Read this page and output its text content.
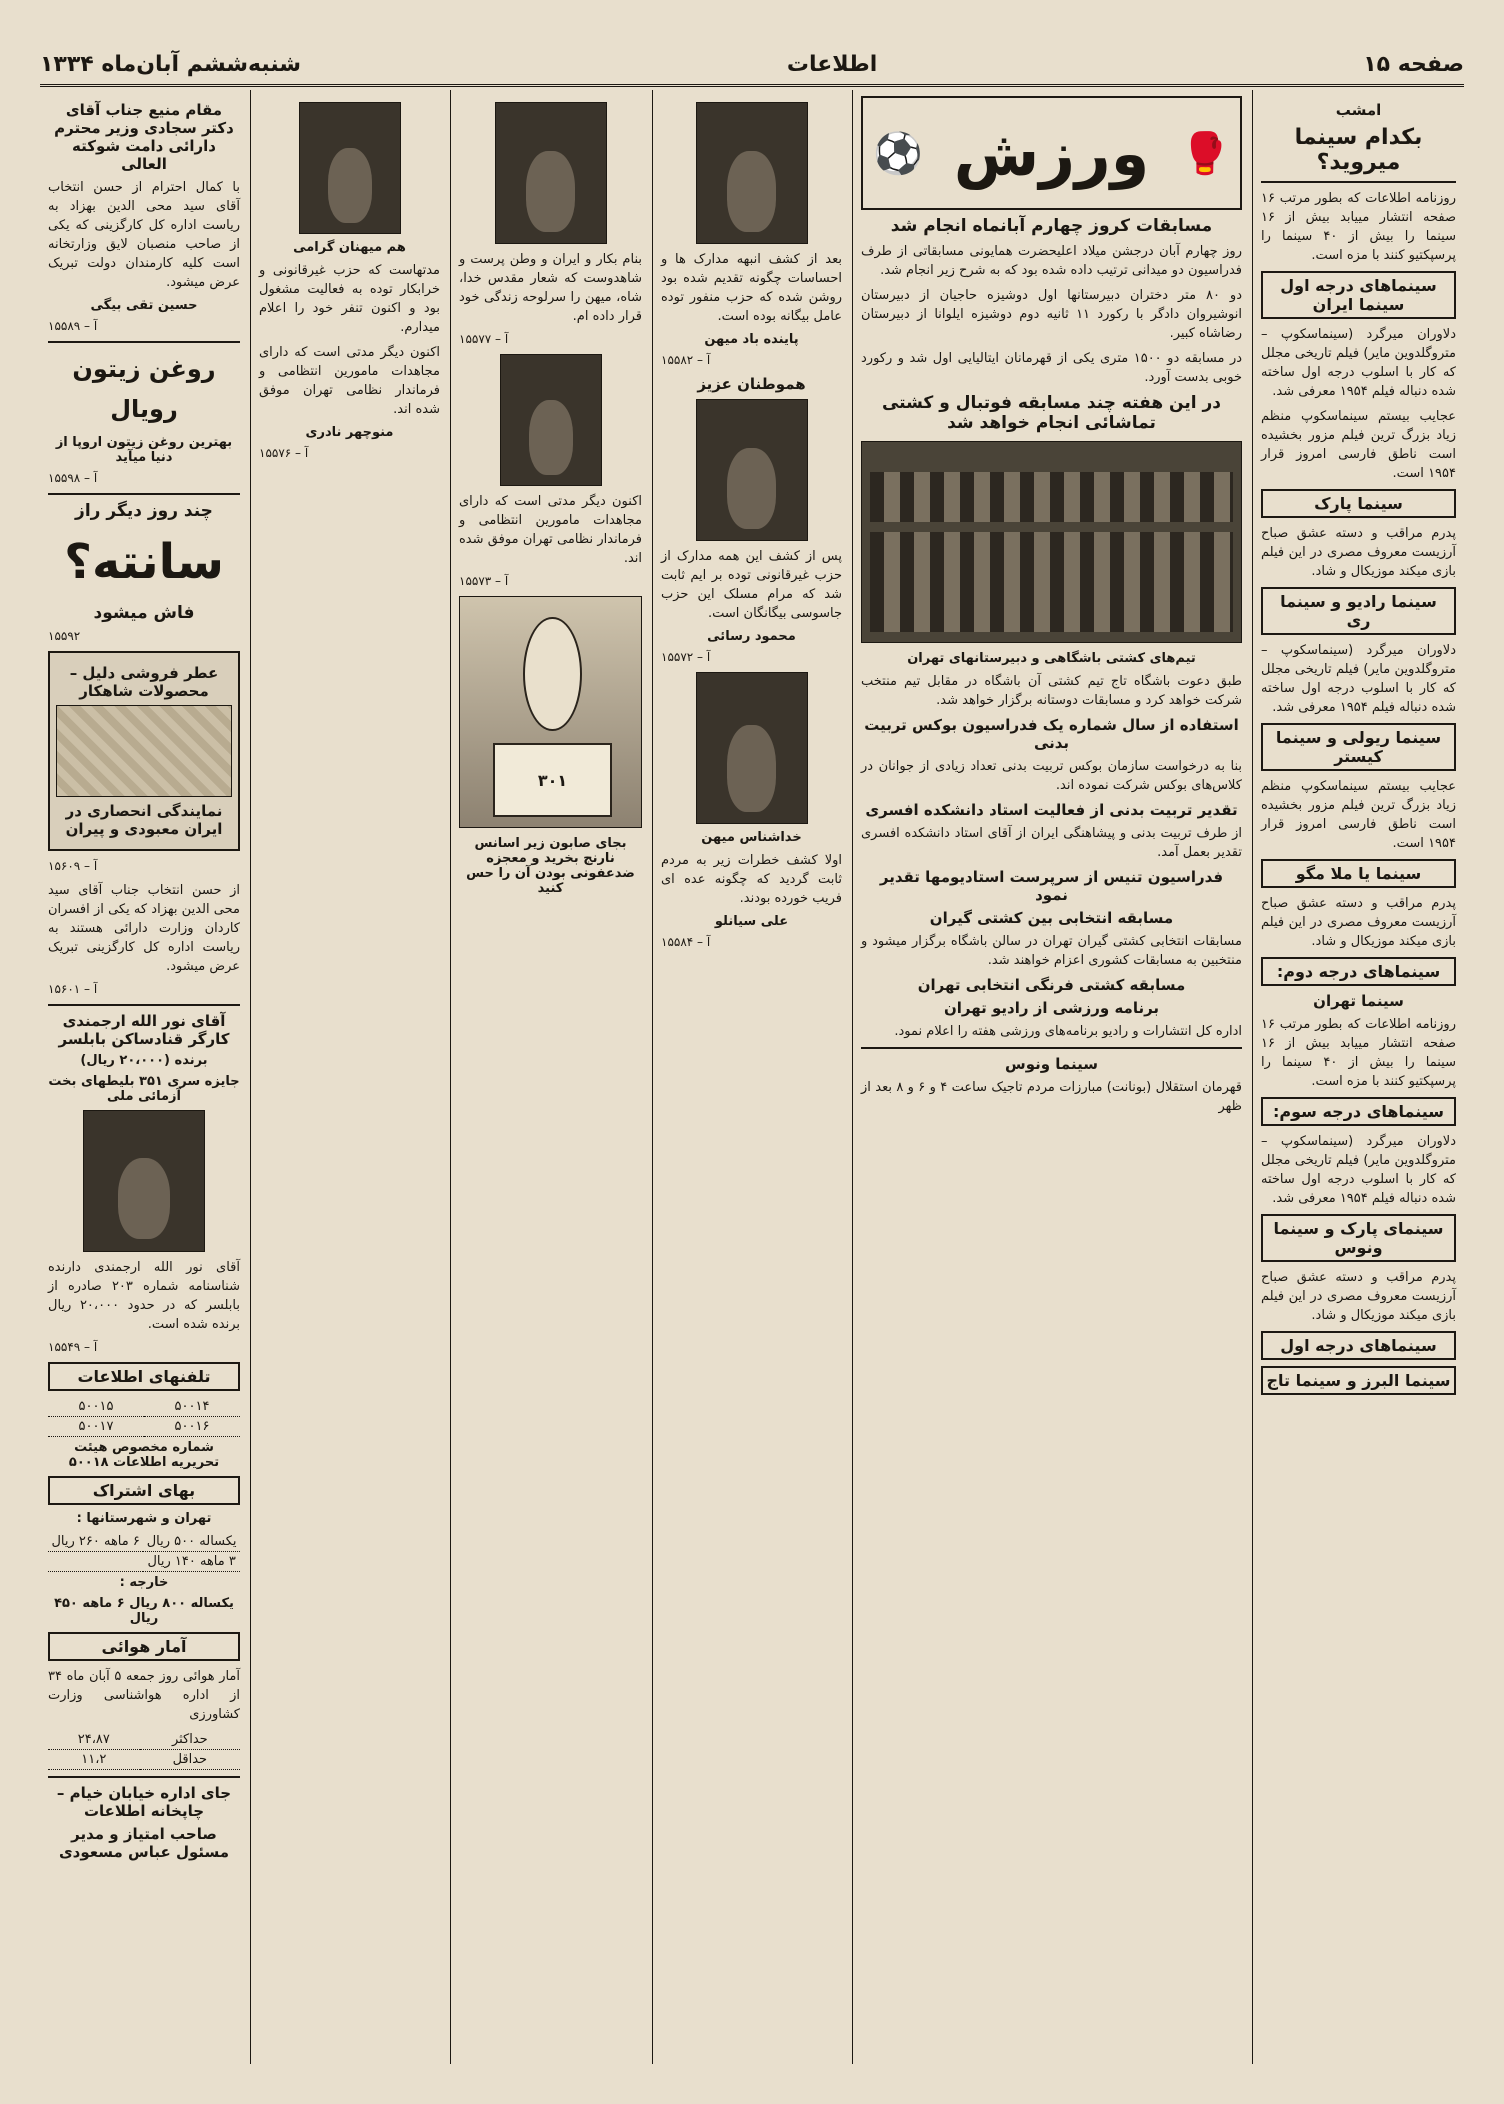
صفحه ۱۵
اطلاعات
شنبه‌ششم آبان‌ماه ۱۳۳۴
امشب
بکدام سینما میروید؟

روزنامه اطلاعات که بطور مرتب ۱۶ صفحه انتشار مییابد بیش از ۱۶ سینما را بیش از ۴۰ سینما را پرسپکتیو کنند با مزه است.

سینماهای درجه اول سینما ایران

دلاوران میرگرد (سینماسکوپ – متروگلدوین مایر) فیلم تاریخی مجلل که کار با اسلوب درجه اول ساخته شده دنباله فیلم ۱۹۵۴ معرفی شد.

عجایب بیستم سینماسکوپ منظم زیاد بزرگ ترین فیلم مزور بخشیده است ناطق فارسی امروز قرار ۱۹۵۴ است.

سینما پارک

پدرم مراقب و دسته عشق صباح آرزیست معروف مصری در این فیلم بازی میکند موزیکال و شاد.

سینما رادیو و سینما ری

دلاوران میرگرد (سینماسکوپ – متروگلدوین مایر) فیلم تاریخی مجلل که کار با اسلوب درجه اول ساخته شده دنباله فیلم ۱۹۵۴ معرفی شد.

سینما ریولی و سینما کیستر

عجایب بیستم سینماسکوپ منظم زیاد بزرگ ترین فیلم مزور بخشیده است ناطق فارسی امروز قرار ۱۹۵۴ است.

سینما یا ملا مگو

پدرم مراقب و دسته عشق صباح آرزیست معروف مصری در این فیلم بازی میکند موزیکال و شاد.

سینماهای درجه دوم:
سینما تهران

روزنامه اطلاعات که بطور مرتب ۱۶ صفحه انتشار مییابد بیش از ۱۶ سینما را بیش از ۴۰ سینما را پرسپکتیو کنند با مزه است.

سینماهای درجه سوم:

دلاوران میرگرد (سینماسکوپ – متروگلدوین مایر) فیلم تاریخی مجلل که کار با اسلوب درجه اول ساخته شده دنباله فیلم ۱۹۵۴ معرفی شد.

سینمای پارک و سینما ونوس

پدرم مراقب و دسته عشق صباح آرزیست معروف مصری در این فیلم بازی میکند موزیکال و شاد.

سینماهای درجه اول
سینما البرز و سینما تاج
🥊
ورزش
⚽
مسابقات کروز چهارم آبانماه انجام شد

روز چهارم آبان درجشن میلاد اعلیحضرت همایونی مسابقاتی از طرف فدراسیون دو میدانی ترتیب داده شده بود که به شرح زیر انجام شد.

دو ۸۰ متر دختران دبیرستانها اول دوشیزه حاجیان از دبیرستان انوشیروان دادگر با رکورد ۱۱ ثانیه دوم دوشیزه ایلوانا از دبیرستان رضاشاه کبیر.

در مسابقه دو ۱۵۰۰ متری یکی از قهرمانان ایتالیایی اول شد و رکورد خوبی بدست آورد.

در این هفته چند مسابقه فوتبال و کشتی تماشائی انجام خواهد شد
تیم‌های کشتی باشگاهی و دبیرستانهای تهران

طبق دعوت باشگاه تاج تیم کشتی آن باشگاه در مقابل تیم منتخب شرکت خواهد کرد و مسابقات دوستانه برگزار خواهد شد.

استفاده از سال شماره یک فدراسیون بوکس تربیت بدنی

بنا به درخواست سازمان بوکس تربیت بدنی تعداد زیادی از جوانان در کلاس‌های بوکس شرکت نموده اند.

تقدیر تربیت بدنی از فعالیت استاد دانشکده افسری

از طرف تربیت بدنی و پیشاهنگی ایران از آقای استاد دانشکده افسری تقدیر بعمل آمد.

فدراسیون تنیس از سرپرست استادیومها تقدیر نمود
مسابقه انتخابی بین کشتی گیران

مسابقات انتخابی کشتی گیران تهران در سالن باشگاه برگزار میشود و منتخبین به مسابقات کشوری اعزام خواهند شد.

مسابقه کشتی فرنگی انتخابی تهران
برنامه ورزشی از رادیو تهران

اداره کل انتشارات و رادیو برنامه‌های ورزشی هفته را اعلام نمود.

سینما ونوس

قهرمان استقلال (بونانت) مبارزات مردم تاجیک ساعت ۴ و ۶ و ۸ بعد از ظهر

بعد از کشف انبهه مدارک ها و احساسات چگونه تقدیم شده بود روشن شده که حزب منفور توده عامل بیگانه بوده است.

پاینده باد میهن
آ – ۱۵۵۸۲
هموطنان عزیز

پس از کشف این همه مدارک از حزب غیرقانونی توده بر ایم ثابت شد که مرام مسلک این حزب جاسوسی بیگانگان است.

محمود رسائی
آ – ۱۵۵۷۲
خداشناس میهن

اولا کشف خطرات زیر به مردم ثابت گردید که چگونه عده ای فریب خورده بودند.

علی سیانلو
آ – ۱۵۵۸۴

بنام بکار و ایران و وطن پرست و شاهدوست که شعار مقدس خدا، شاه، میهن را سرلوحه زندگی خود قرار داده ام.

آ – ۱۵۵۷۷

اکنون دیگر مدتی است که دارای مجاهدات مامورین انتظامی و فرماندار نظامی تهران موفق شده اند.

آ – ۱۵۵۷۳
۳۰۱
بجای صابون زیر اسانس نارنج بخرید و معجزه ضدعفونی بودن آن را حس کنید
هم میهنان گرامی

مدتهاست که حزب غیرقانونی و خرابکار توده به فعالیت مشغول بود و اکنون تنفر خود را اعلام میدارم.

اکنون دیگر مدتی است که دارای مجاهدات مامورین انتظامی و فرماندار نظامی تهران موفق شده اند.

منوچهر نادری
آ – ۱۵۵۷۶
مقام منیع جناب آقای دکتر سجادی وزیر محترم دارائی دامت شوکته العالی

با کمال احترام از حسن انتخاب آقای سید محی الدین بهزاد به ریاست اداره کل کارگزینی که یکی از صاحب منصبان لایق وزارتخانه است کلیه کارمندان دولت تبریک عرض میشود.

حسین تقی بیگی
آ – ۱۵۵۸۹
روغن زیتون رویال
بهترین روغن زیتون اروپا از دنیا میآید
آ – ۱۵۵۹۸
چند روز دیگر راز
سانته؟
فاش میشود
۱۵۵۹۲
عطر فروشی دلیل – محصولات شاهکار
نمایندگی انحصاری در ایران معبودی و پیران
آ – ۱۵۶۰۹

از حسن انتخاب جناب آقای سید محی الدین بهزاد که یکی از افسران کاردان وزارت دارائی هستند به ریاست اداره کل کارگزینی تبریک عرض میشود.

آ – ۱۵۶۰۱
آقای نور الله ارجمندی کارگر قنادساکن بابلسر
برنده (۲۰،۰۰۰ ریال)
جایزه سری ۳۵۱ بلیطهای بخت آزمائی ملی

آقای نور الله ارجمندی دارنده شناسنامه شماره ۲۰۳ صادره از بابلسر که در حدود ۲۰،۰۰۰ ریال برنده شده است.

آ – ۱۵۵۴۹
تلفنهای اطلاعات
۵۰۰۱۴	۵۰۰۱۵
۵۰۰۱۶	۵۰۰۱۷
شماره مخصوص هیئت تحریریه اطلاعات ۵۰۰۱۸
بهای اشتراک
تهران و شهرستانها :
یکساله ۵۰۰ ریال	۶ ماهه ۲۶۰ ریال
۳ ماهه ۱۴۰ ریال	
خارجه :
یکساله ۸۰۰ ریال ۶ ماهه ۴۵۰ ریال
آمار هوائی

آمار هوائی روز جمعه ۵ آبان ماه ۳۴ از اداره هواشناسی وزارت کشاورزی

حداکثر	۲۴،۸۷
حداقل	۱۱،۲
جای اداره خیابان خیام – چاپخانه اطلاعات
صاحب امتیاز و مدیر مسئول عباس مسعودی
